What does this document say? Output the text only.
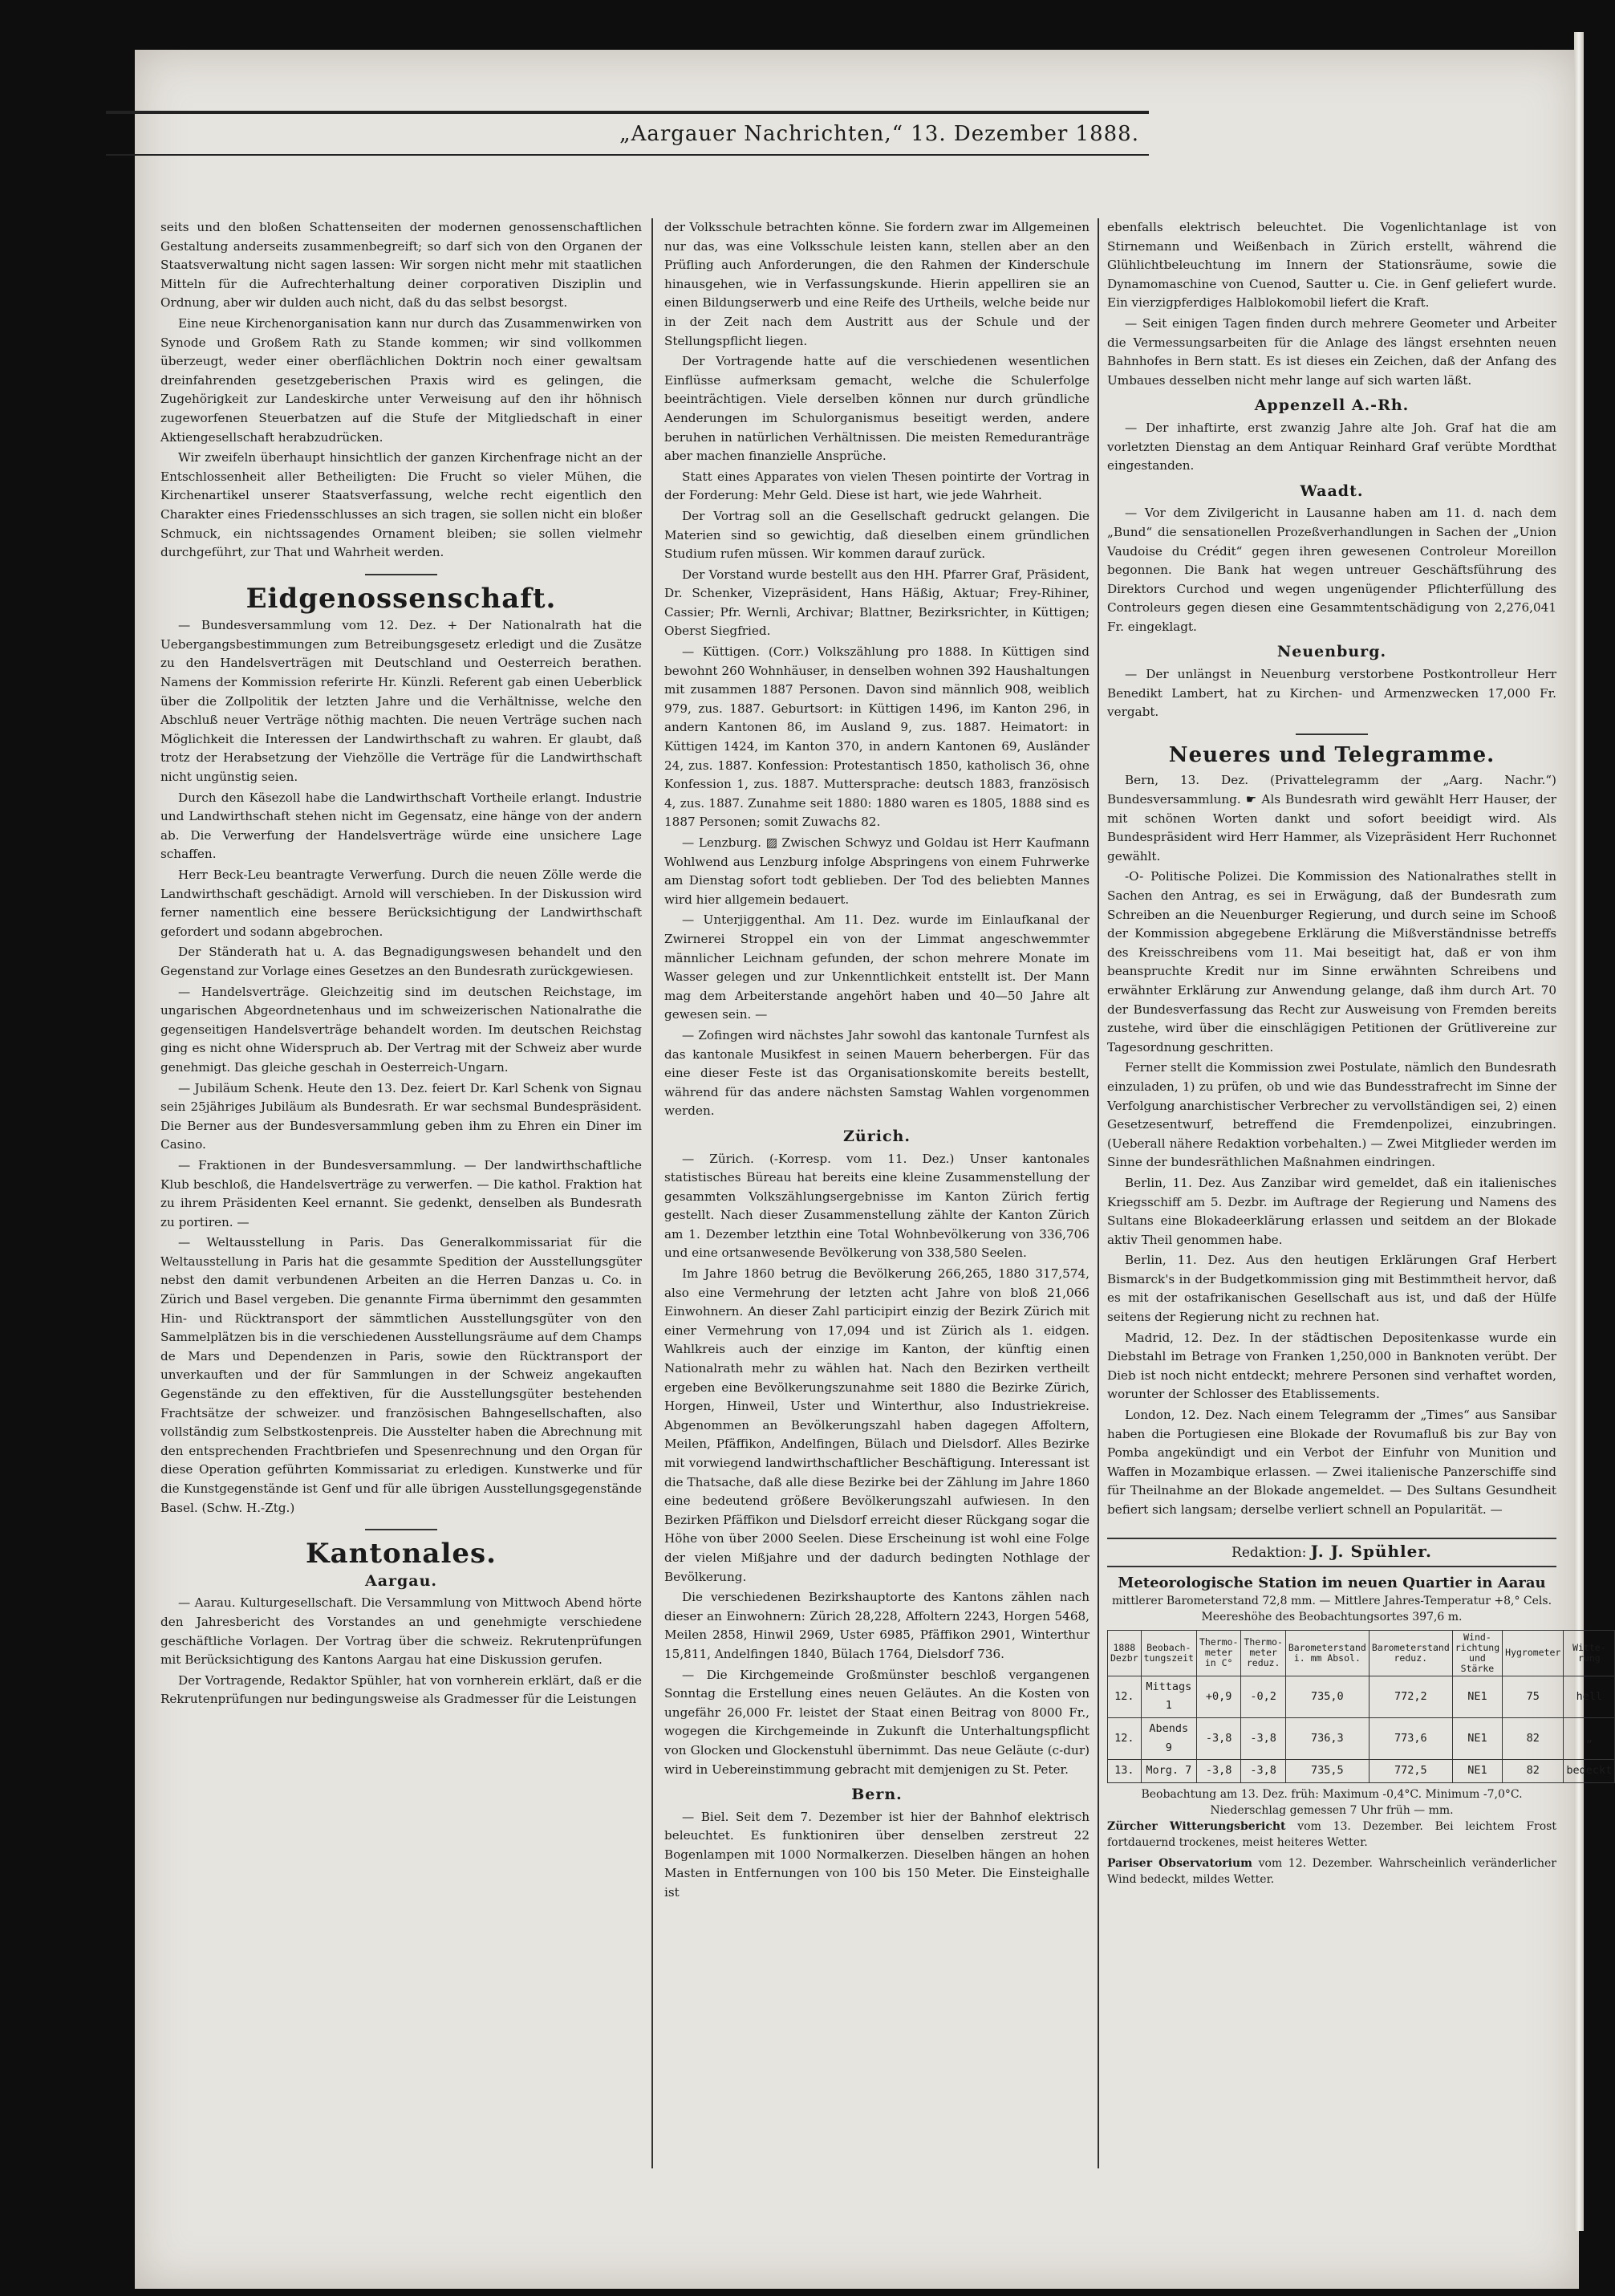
„Aargauer Nachrichten,“ 13. Dezember 1888.

seits und den bloßen Schattenseiten der modernen genossenschaftlichen Gestaltung anderseits zusammenbegreift; so darf sich von den Organen der Staatsverwaltung nicht sagen lassen: Wir sorgen nicht mehr mit staatlichen Mitteln für die Aufrechterhaltung deiner corporativen Disziplin und Ordnung, aber wir dulden auch nicht, daß du das selbst besorgst.

Eine neue Kirchenorganisation kann nur durch das Zusammenwirken von Synode und Großem Rath zu Stande kommen; wir sind vollkommen überzeugt, weder einer oberflächlichen Doktrin noch einer gewaltsam dreinfahrenden gesetzgeberischen Praxis wird es gelingen, die Zugehörigkeit zur Landeskirche unter Verweisung auf den ihr höhnisch zugeworfenen Steuerbatzen auf die Stufe der Mitgliedschaft in einer Aktiengesellschaft herabzudrücken.

Wir zweifeln überhaupt hinsichtlich der ganzen Kirchenfrage nicht an der Entschlossenheit aller Betheiligten: Die Frucht so vieler Mühen, die Kirchenartikel unserer Staatsverfassung, welche recht eigentlich den Charakter eines Friedensschlusses an sich tragen, sie sollen nicht ein bloßer Schmuck, ein nichtssagendes Ornament bleiben; sie sollen vielmehr durchgeführt, zur That und Wahrheit werden.

Eidgenossenschaft.

— Bundesversammlung vom 12. Dez. + Der Nationalrath hat die Uebergangsbestimmungen zum Betreibungsgesetz erledigt und die Zusätze zu den Handelsverträgen mit Deutschland und Oesterreich berathen. Namens der Kommission referirte Hr. Künzli. Referent gab einen Ueberblick über die Zollpolitik der letzten Jahre und die Verhältnisse, welche den Abschluß neuer Verträge nöthig machten. Die neuen Verträge suchen nach Möglichkeit die Interessen der Landwirthschaft zu wahren. Er glaubt, daß trotz der Herabsetzung der Viehzölle die Verträge für die Landwirthschaft nicht ungünstig seien.

Durch den Käsezoll habe die Landwirthschaft Vortheile erlangt. Industrie und Landwirthschaft stehen nicht im Gegensatz, eine hänge von der andern ab. Die Verwerfung der Handelsverträge würde eine unsichere Lage schaffen.

Herr Beck-Leu beantragte Verwerfung. Durch die neuen Zölle werde die Landwirthschaft geschädigt. Arnold will verschieben. In der Diskussion wird ferner namentlich eine bessere Berücksichtigung der Landwirthschaft gefordert und sodann abgebrochen.

Der Ständerath hat u. A. das Begnadigungswesen behandelt und den Gegenstand zur Vorlage eines Gesetzes an den Bundesrath zurückgewiesen.

— Handelsverträge. Gleichzeitig sind im deutschen Reichstage, im ungarischen Abgeordnetenhaus und im schweizerischen Nationalrathe die gegenseitigen Handelsverträge behandelt worden. Im deutschen Reichstag ging es nicht ohne Widerspruch ab. Der Vertrag mit der Schweiz aber wurde genehmigt. Das gleiche geschah in Oesterreich-Ungarn.

— Jubiläum Schenk. Heute den 13. Dez. feiert Dr. Karl Schenk von Signau sein 25jähriges Jubiläum als Bundesrath. Er war sechsmal Bundespräsident. Die Berner aus der Bundesversammlung geben ihm zu Ehren ein Diner im Casino.

— Fraktionen in der Bundesversammlung. — Der landwirthschaftliche Klub beschloß, die Handelsverträge zu verwerfen. — Die kathol. Fraktion hat zu ihrem Präsidenten Keel ernannt. Sie gedenkt, denselben als Bundesrath zu portiren. —

— Weltausstellung in Paris. Das Generalkommissariat für die Weltausstellung in Paris hat die gesammte Spedition der Ausstellungsgüter nebst den damit verbundenen Arbeiten an die Herren Danzas u. Co. in Zürich und Basel vergeben. Die genannte Firma übernimmt den gesammten Hin- und Rücktransport der sämmtlichen Ausstellungsgüter von den Sammelplätzen bis in die verschiedenen Ausstellungsräume auf dem Champs de Mars und Dependenzen in Paris, sowie den Rücktransport der unverkauften und der für Sammlungen in der Schweiz angekauften Gegenstände zu den effektiven, für die Ausstellungsgüter bestehenden Frachtsätze der schweizer. und französischen Bahngesellschaften, also vollständig zum Selbstkostenpreis. Die Ausstelter haben die Abrechnung mit den entsprechenden Frachtbriefen und Spesenrechnung und den Organ für diese Operation geführten Kommissariat zu erledigen. Kunstwerke und für die Kunstgegenstände ist Genf und für alle übrigen Ausstellungsgegenstände Basel. (Schw. H.-Ztg.)

Kantonales.
Aargau.

— Aarau. Kulturgesellschaft. Die Versammlung von Mittwoch Abend hörte den Jahresbericht des Vorstandes an und genehmigte verschiedene geschäftliche Vorlagen. Der Vortrag über die schweiz. Rekrutenprüfungen mit Berücksichtigung des Kantons Aargau hat eine Diskussion gerufen.

Der Vortragende, Redaktor Spühler, hat von vornherein erklärt, daß er die Rekrutenprüfungen nur bedingungsweise als Gradmesser für die Leistungen

der Volksschule betrachten könne. Sie fordern zwar im Allgemeinen nur das, was eine Volksschule leisten kann, stellen aber an den Prüfling auch Anforderungen, die den Rahmen der Kinderschule hinausgehen, wie in Verfassungskunde. Hierin appelliren sie an einen Bildungserwerb und eine Reife des Urtheils, welche beide nur in der Zeit nach dem Austritt aus der Schule und der Stellungspflicht liegen.

Der Vortragende hatte auf die verschiedenen wesentlichen Einflüsse aufmerksam gemacht, welche die Schulerfolge beeinträchtigen. Viele derselben können nur durch gründliche Aenderungen im Schulorganismus beseitigt werden, andere beruhen in natürlichen Verhältnissen. Die meisten Remeduranträge aber machen finanzielle Ansprüche.

Statt eines Apparates von vielen Thesen pointirte der Vortrag in der Forderung: Mehr Geld. Diese ist hart, wie jede Wahrheit.

Der Vortrag soll an die Gesellschaft gedruckt gelangen. Die Materien sind so gewichtig, daß dieselben einem gründlichen Studium rufen müssen. Wir kommen darauf zurück.

Der Vorstand wurde bestellt aus den HH. Pfarrer Graf, Präsident, Dr. Schenker, Vizepräsident, Hans Häßig, Aktuar; Frey-Rihiner, Cassier; Pfr. Wernli, Archivar; Blattner, Bezirksrichter, in Küttigen; Oberst Siegfried.

— Küttigen. (Corr.) Volkszählung pro 1888. In Küttigen sind bewohnt 260 Wohnhäuser, in denselben wohnen 392 Haushaltungen mit zusammen 1887 Personen. Davon sind männlich 908, weiblich 979, zus. 1887. Geburtsort: in Küttigen 1496, im Kanton 296, in andern Kantonen 86, im Ausland 9, zus. 1887. Heimatort: in Küttigen 1424, im Kanton 370, in andern Kantonen 69, Ausländer 24, zus. 1887. Konfession: Protestantisch 1850, katholisch 36, ohne Konfession 1, zus. 1887. Muttersprache: deutsch 1883, französisch 4, zus. 1887. Zunahme seit 1880: 1880 waren es 1805, 1888 sind es 1887 Personen; somit Zuwachs 82.

— Lenzburg. ▨ Zwischen Schwyz und Goldau ist Herr Kaufmann Wohlwend aus Lenzburg infolge Abspringens von einem Fuhrwerke am Dienstag sofort todt geblieben. Der Tod des beliebten Mannes wird hier allgemein bedauert.

— Unterjiggenthal. Am 11. Dez. wurde im Einlaufkanal der Zwirnerei Stroppel ein von der Limmat angeschwemmter männlicher Leichnam gefunden, der schon mehrere Monate im Wasser gelegen und zur Unkenntlichkeit entstellt ist. Der Mann mag dem Arbeiterstande angehört haben und 40—50 Jahre alt gewesen sein. —

— Zofingen wird nächstes Jahr sowohl das kantonale Turnfest als das kantonale Musikfest in seinen Mauern beherbergen. Für das eine dieser Feste ist das Organisationskomite bereits bestellt, während für das andere nächsten Samstag Wahlen vorgenommen werden.

Zürich.

— Zürich. (-Korresp. vom 11. Dez.) Unser kantonales statistisches Büreau hat bereits eine kleine Zusammenstellung der gesammten Volkszählungsergebnisse im Kanton Zürich fertig gestellt. Nach dieser Zusammenstellung zählte der Kanton Zürich am 1. Dezember letzthin eine Total Wohnbevölkerung von 336,706 und eine ortsanwesende Bevölkerung von 338,580 Seelen.

Im Jahre 1860 betrug die Bevölkerung 266,265, 1880 317,574, also eine Vermehrung der letzten acht Jahre von bloß 21,066 Einwohnern. An dieser Zahl participirt einzig der Bezirk Zürich mit einer Vermehrung von 17,094 und ist Zürich als 1. eidgen. Wahlkreis auch der einzige im Kanton, der künftig einen Nationalrath mehr zu wählen hat. Nach den Bezirken vertheilt ergeben eine Bevölkerungszunahme seit 1880 die Bezirke Zürich, Horgen, Hinweil, Uster und Winterthur, also Industriekreise. Abgenommen an Bevölkerungszahl haben dagegen Affoltern, Meilen, Pfäffikon, Andelfingen, Bülach und Dielsdorf. Alles Bezirke mit vorwiegend landwirthschaftlicher Beschäftigung. Interessant ist die Thatsache, daß alle diese Bezirke bei der Zählung im Jahre 1860 eine bedeutend größere Bevölkerungszahl aufwiesen. In den Bezirken Pfäffikon und Dielsdorf erreicht dieser Rückgang sogar die Höhe von über 2000 Seelen. Diese Erscheinung ist wohl eine Folge der vielen Mißjahre und der dadurch bedingten Nothlage der Bevölkerung.

Die verschiedenen Bezirkshauptorte des Kantons zählen nach dieser an Einwohnern: Zürich 28,228, Affoltern 2243, Horgen 5468, Meilen 2858, Hinwil 2969, Uster 6985, Pfäffikon 2901, Winterthur 15,811, Andelfingen 1840, Bülach 1764, Dielsdorf 736.

— Die Kirchgemeinde Großmünster beschloß vergangenen Sonntag die Erstellung eines neuen Geläutes. An die Kosten von ungefähr 26,000 Fr. leistet der Staat einen Beitrag von 8000 Fr., wogegen die Kirchgemeinde in Zukunft die Unterhaltungspflicht von Glocken und Glockenstuhl übernimmt. Das neue Geläute (c-dur) wird in Uebereinstimmung gebracht mit demjenigen zu St. Peter.

Bern.

— Biel. Seit dem 7. Dezember ist hier der Bahnhof elektrisch beleuchtet. Es funktioniren über denselben zerstreut 22 Bogenlampen mit 1000 Normalkerzen. Dieselben hängen an hohen Masten in Entfernungen von 100 bis 150 Meter. Die Einsteighalle ist

ebenfalls elektrisch beleuchtet. Die Vogenlichtanlage ist von Stirnemann und Weißenbach in Zürich erstellt, während die Glühlichtbeleuchtung im Innern der Stationsräume, sowie die Dynamomaschine von Cuenod, Sautter u. Cie. in Genf geliefert wurde. Ein vierzigpferdiges Halblokomobil liefert die Kraft.

— Seit einigen Tagen finden durch mehrere Geometer und Arbeiter die Vermessungsarbeiten für die Anlage des längst ersehnten neuen Bahnhofes in Bern statt. Es ist dieses ein Zeichen, daß der Anfang des Umbaues desselben nicht mehr lange auf sich warten läßt.

Appenzell A.-Rh.

— Der inhaftirte, erst zwanzig Jahre alte Joh. Graf hat die am vorletzten Dienstag an dem Antiquar Reinhard Graf verübte Mordthat eingestanden.

Waadt.

— Vor dem Zivilgericht in Lausanne haben am 11. d. nach dem „Bund“ die sensationellen Prozeßverhandlungen in Sachen der „Union Vaudoise du Crédit“ gegen ihren gewesenen Controleur Moreillon begonnen. Die Bank hat wegen untreuer Geschäftsführung des Direktors Curchod und wegen ungenügender Pflichterfüllung des Controleurs gegen diesen eine Gesammtentschädigung von 2,276,041 Fr. eingeklagt.

Neuenburg.

— Der unlängst in Neuenburg verstorbene Postkontrolleur Herr Benedikt Lambert, hat zu Kirchen- und Armenzwecken 17,000 Fr. vergabt.

Neueres und Telegramme.

Bern, 13. Dez. (Privattelegramm der „Aarg. Nachr.“) Bundesversammlung. ☛ Als Bundesrath wird gewählt Herr Hauser, der mit schönen Worten dankt und sofort beeidigt wird. Als Bundespräsident wird Herr Hammer, als Vizepräsident Herr Ruchonnet gewählt.

-O- Politische Polizei. Die Kommission des Nationalrathes stellt in Sachen den Antrag, es sei in Erwägung, daß der Bundesrath zum Schreiben an die Neuenburger Regierung, und durch seine im Schooß der Kommission abgegebene Erklärung die Mißverständnisse betreffs des Kreisschreibens vom 11. Mai beseitigt hat, daß er von ihm beanspruchte Kredit nur im Sinne erwähnten Schreibens und erwähnter Erklärung zur Anwendung gelange, daß ihm durch Art. 70 der Bundesverfassung das Recht zur Ausweisung von Fremden bereits zustehe, wird über die einschlägigen Petitionen der Grütlivereine zur Tagesordnung geschritten.

Ferner stellt die Kommission zwei Postulate, nämlich den Bundesrath einzuladen, 1) zu prüfen, ob und wie das Bundesstrafrecht im Sinne der Verfolgung anarchistischer Verbrecher zu vervollständigen sei, 2) einen Gesetzesentwurf, betreffend die Fremdenpolizei, einzubringen. (Ueberall nähere Redaktion vorbehalten.) — Zwei Mitglieder werden im Sinne der bundesräthlichen Maßnahmen eindringen.

Berlin, 11. Dez. Aus Zanzibar wird gemeldet, daß ein italienisches Kriegsschiff am 5. Dezbr. im Auftrage der Regierung und Namens des Sultans eine Blokadeerklärung erlassen und seitdem an der Blokade aktiv Theil genommen habe.

Berlin, 11. Dez. Aus den heutigen Erklärungen Graf Herbert Bismarck's in der Budgetkommission ging mit Bestimmtheit hervor, daß es mit der ostafrikanischen Gesellschaft aus ist, und daß der Hülfe seitens der Regierung nicht zu rechnen hat.

Madrid, 12. Dez. In der städtischen Depositenkasse wurde ein Diebstahl im Betrage von Franken 1,250,000 in Banknoten verübt. Der Dieb ist noch nicht entdeckt; mehrere Personen sind verhaftet worden, worunter der Schlosser des Etablissements.

London, 12. Dez. Nach einem Telegramm der „Times“ aus Sansibar haben die Portugiesen eine Blokade der Rovumafluß bis zur Bay von Pomba angekündigt und ein Verbot der Einfuhr von Munition und Waffen in Mozambique erlassen. — Zwei italienische Panzerschiffe sind für Theilnahme an der Blokade angemeldet. — Des Sultans Gesundheit befiert sich langsam; derselbe verliert schnell an Popularität. —

Redaktion: J. J. Spühler.
Meteorologische Station im neuen Quartier in Aarau
mittlerer Barometerstand 72,8 mm. — Mittlere Jahres-Temperatur +8,° Cels.
Meereshöhe des Beobachtungsortes 397,6 m.
1888 Dezbr	Beobach-tungszeit	Thermo-meter in C°	Thermo-meter reduz.	Barometerstand i. mm Absol.	Barometerstand reduz.	Wind-richtung und Stärke	Hygrometer	Witte-rung
12.	Mittags 1	+0,9	-0,2	735,0	772,2	NE1	75	hell
12.	Abends 9	-3,8	-3,8	736,3	773,6	NE1	82	„
13.	Morg. 7	-3,8	-3,8	735,5	772,5	NE1	82	bedeckt
Beobachtung am 13. Dez. früh: Maximum -0,4°C. Minimum -7,0°C.
Niederschlag gemessen 7 Uhr früh — mm.
Zürcher Witterungsbericht vom 13. Dezember. Bei leichtem Frost fortdauernd trockenes, meist heiteres Wetter.
Pariser Observatorium vom 12. Dezember. Wahrscheinlich veränderlicher Wind bedeckt, mildes Wetter.
